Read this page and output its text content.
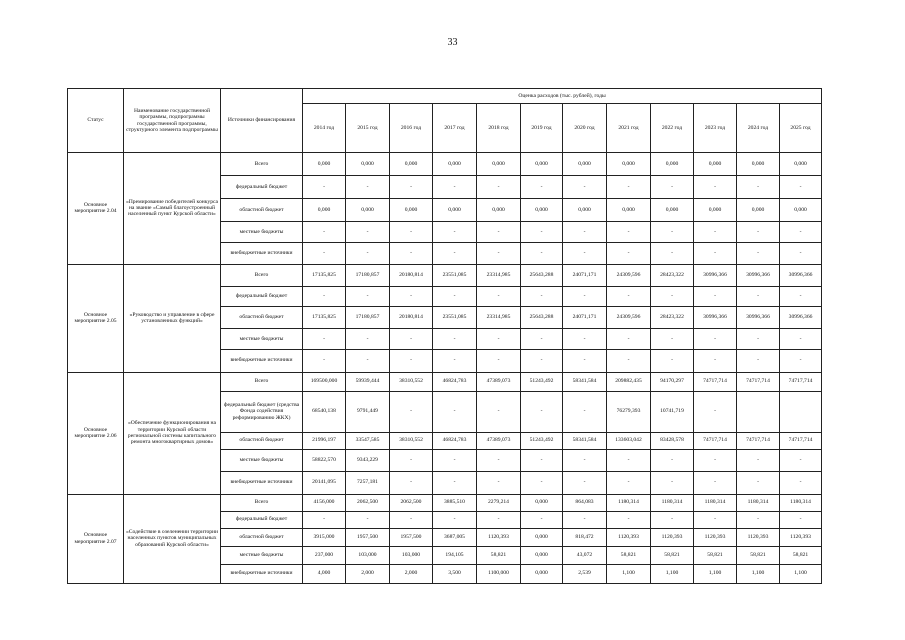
33
Статус	Наименование государственной программы, подпрограммы государственной программы, структурного элемента подпрограммы	Источники финансирования	Оценка расходов (тыс. рублей), годы											
			2014 год	2015 год	2016 год	2017 год	2018 год	2019 год	2020 год	2021 год	2022 год	2023 год	2024 год	2025 год
Основное мероприятие 2.04	«Премирование победителей конкурса на звание «Самый благоустроенный населенный пункт Курской области»	Всего	0,000	0,000	0,000	0,000	0,000	0,000	0,000	0,000	0,000	0,000	0,000	0,000
		федеральный бюджет	-	-	-	-	-	-	-	-	-	-	-	-
		областной бюджет	0,000	0,000	0,000	0,000	0,000	0,000	0,000	0,000	0,000	0,000	0,000	0,000
		местные бюджеты	-	-	-	-	-	-	-	-	-	-	-	-
		внебюджетные источники	-	-	-	-	-	-	-	-	-	-	-	-
Основное мероприятие 2.05	«Руководство и управление в сфере установленных функций»	Всего	17135,825	17180,857	20180,814	23551,085	23314,985	25643,288	24071,171	24309,596	28423,322	30996,366	30996,366	30996,366
		федеральный бюджет	-	-	-	-	-	-	-	-	-	-	-	-
		областной бюджет	17135,825	17180,857	20180,814	23551,085	23314,985	25643,288	24071,171	24309,596	28423,322	30996,366	30996,366	30996,366
		местные бюджеты	-	-	-	-	-	-	-	-	-	-	-	-
		внебюджетные источники	-	-	-	-	-	-	-	-	-	-	-	-
Основное мероприятие 2.06	«Обеспечение функционирования на территории Курской области региональной системы капитального ремонта многоквартирных домов»	Всего	169500,000	59939,444	38310,552	46824,783	47389,073	51243,492	58341,584	209882,435	94170,297	74717,714	74717,714	74717,714
		федеральный бюджет (средства Фонда содействия реформированию ЖКХ)	68540,138	9791,449	-	-	-	-	-	76279,393	10741,719	-		
		областной бюджет	21996,197	33547,585	38310,552	46824,783	47389,073	51243,492	58341,584	133603,042	83428,578	74717,714	74717,714	74717,714
		местные бюджеты	58822,570	9343,229	-	-	-	-	-	-	-	-	-	-
		внебюджетные источники	20141,095	7257,181	-	-	-	-	-	-	-	-	-	-
Основное мероприятие 2.07	«Содействие в озеленении территории населенных пунктов муниципальных образований Курской области»	Всего	4156,000	2062,500	2062,500	3885,510	2279,214	0,000	864,083	1180,314	1180,314	1180,314	1180,314	1180,314
		федеральный бюджет	-	-	-	-	-	-	-	-	-	-	-	-
		областной бюджет	3915,000	1957,500	1957,500	3687,005	1120,393	0,000	818,472	1120,393	1120,393	1120,393	1120,393	1120,393
		местные бюджеты	237,000	103,000	103,000	194,105	58,821	0,000	43,072	58,821	58,821	58,821	58,821	58,821
		внебюджетные источники	4,000	2,000	2,000	3,500	1100,000	0,000	2,539	1,100	1,100	1,100	1,100	1,100
